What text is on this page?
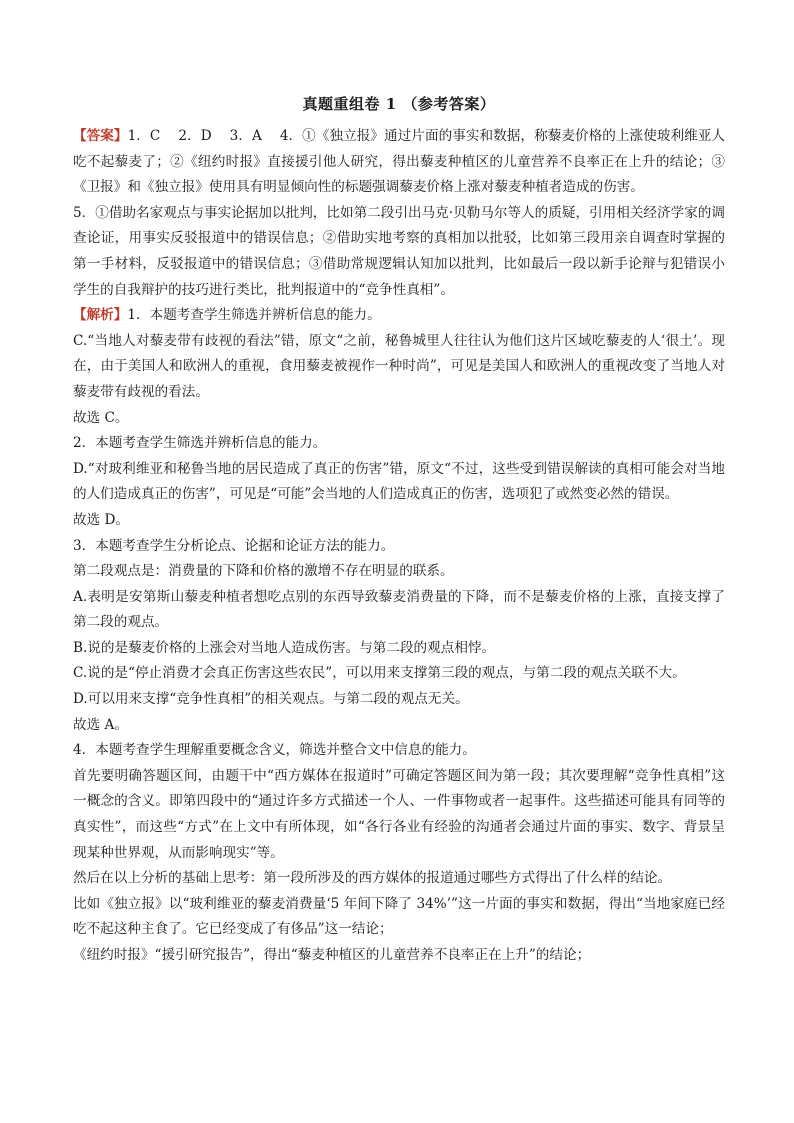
真题重组卷 1 （参考答案）

【答案】1．C　 2．D　 3．A　 4．①《独立报》通过片面的事实和数据，称藜麦价格的上涨使玻利维亚人吃不起藜麦了；②《纽约时报》直接援引他人研究，得出藜麦种植区的儿童营养不良率正在上升的结论；③《卫报》和《独立报》使用具有明显倾向性的标题强调藜麦价格上涨对藜麦种植者造成的伤害。

5．①借助名家观点与事实论据加以批判，比如第二段引出马克·贝勒马尔等人的质疑，引用相关经济学家的调查论证，用事实反驳报道中的错误信息；②借助实地考察的真相加以批驳，比如第三段用亲自调查时掌握的第一手材料，反驳报道中的错误信息；③借助常规逻辑认知加以批判，比如最后一段以新手论辩与犯错误小学生的自我辩护的技巧进行类比，批判报道中的“竞争性真相”。

【解析】1．本题考查学生筛选并辨析信息的能力。

C.“当地人对藜麦带有歧视的看法”错，原文“之前，秘鲁城里人往往认为他们这片区域吃藜麦的人‘很土’。现在，由于美国人和欧洲人的重视，食用藜麦被视作一种时尚”，可见是美国人和欧洲人的重视改变了当地人对藜麦带有歧视的看法。

故选 C。

2．本题考查学生筛选并辨析信息的能力。

D.“对玻利维亚和秘鲁当地的居民造成了真正的伤害”错，原文“不过，这些受到错误解读的真相可能会对当地的人们造成真正的伤害”，可见是“可能”会当地的人们造成真正的伤害，选项犯了或然变必然的错误。

故选 D。

3．本题考查学生分析论点、论据和论证方法的能力。

第二段观点是：消费量的下降和价格的激增不存在明显的联系。

A.表明是安第斯山藜麦种植者想吃点别的东西导致藜麦消费量的下降，而不是藜麦价格的上涨，直接支撑了第二段的观点。

B.说的是藜麦价格的上涨会对当地人造成伤害。与第二段的观点相悖。

C.说的是“停止消费才会真正伤害这些农民”，可以用来支撑第三段的观点，与第二段的观点关联不大。

D.可以用来支撑“竞争性真相”的相关观点。与第二段的观点无关。

故选 A。

4．本题考查学生理解重要概念含义，筛选并整合文中信息的能力。

首先要明确答题区间，由题干中“西方媒体在报道时”可确定答题区间为第一段；其次要理解“竞争性真相”这一概念的含义。即第四段中的“通过许多方式描述一个人、一件事物或者一起事件。这些描述可能具有同等的真实性”，而这些“方式”在上文中有所体现，如“各行各业有经验的沟通者会通过片面的事实、数字、背景呈现某种世界观，从而影响现实”等。

然后在以上分析的基础上思考：第一段所涉及的西方媒体的报道通过哪些方式得出了什么样的结论。

比如《独立报》以“玻利维亚的藜麦消费量‘5 年间下降了 34%’”这一片面的事实和数据，得出“当地家庭已经吃不起这种主食了。它已经变成了有侈品”这一结论；

《纽约时报》“援引研究报告”，得出“藜麦种植区的儿童营养不良率正在上升”的结论；
